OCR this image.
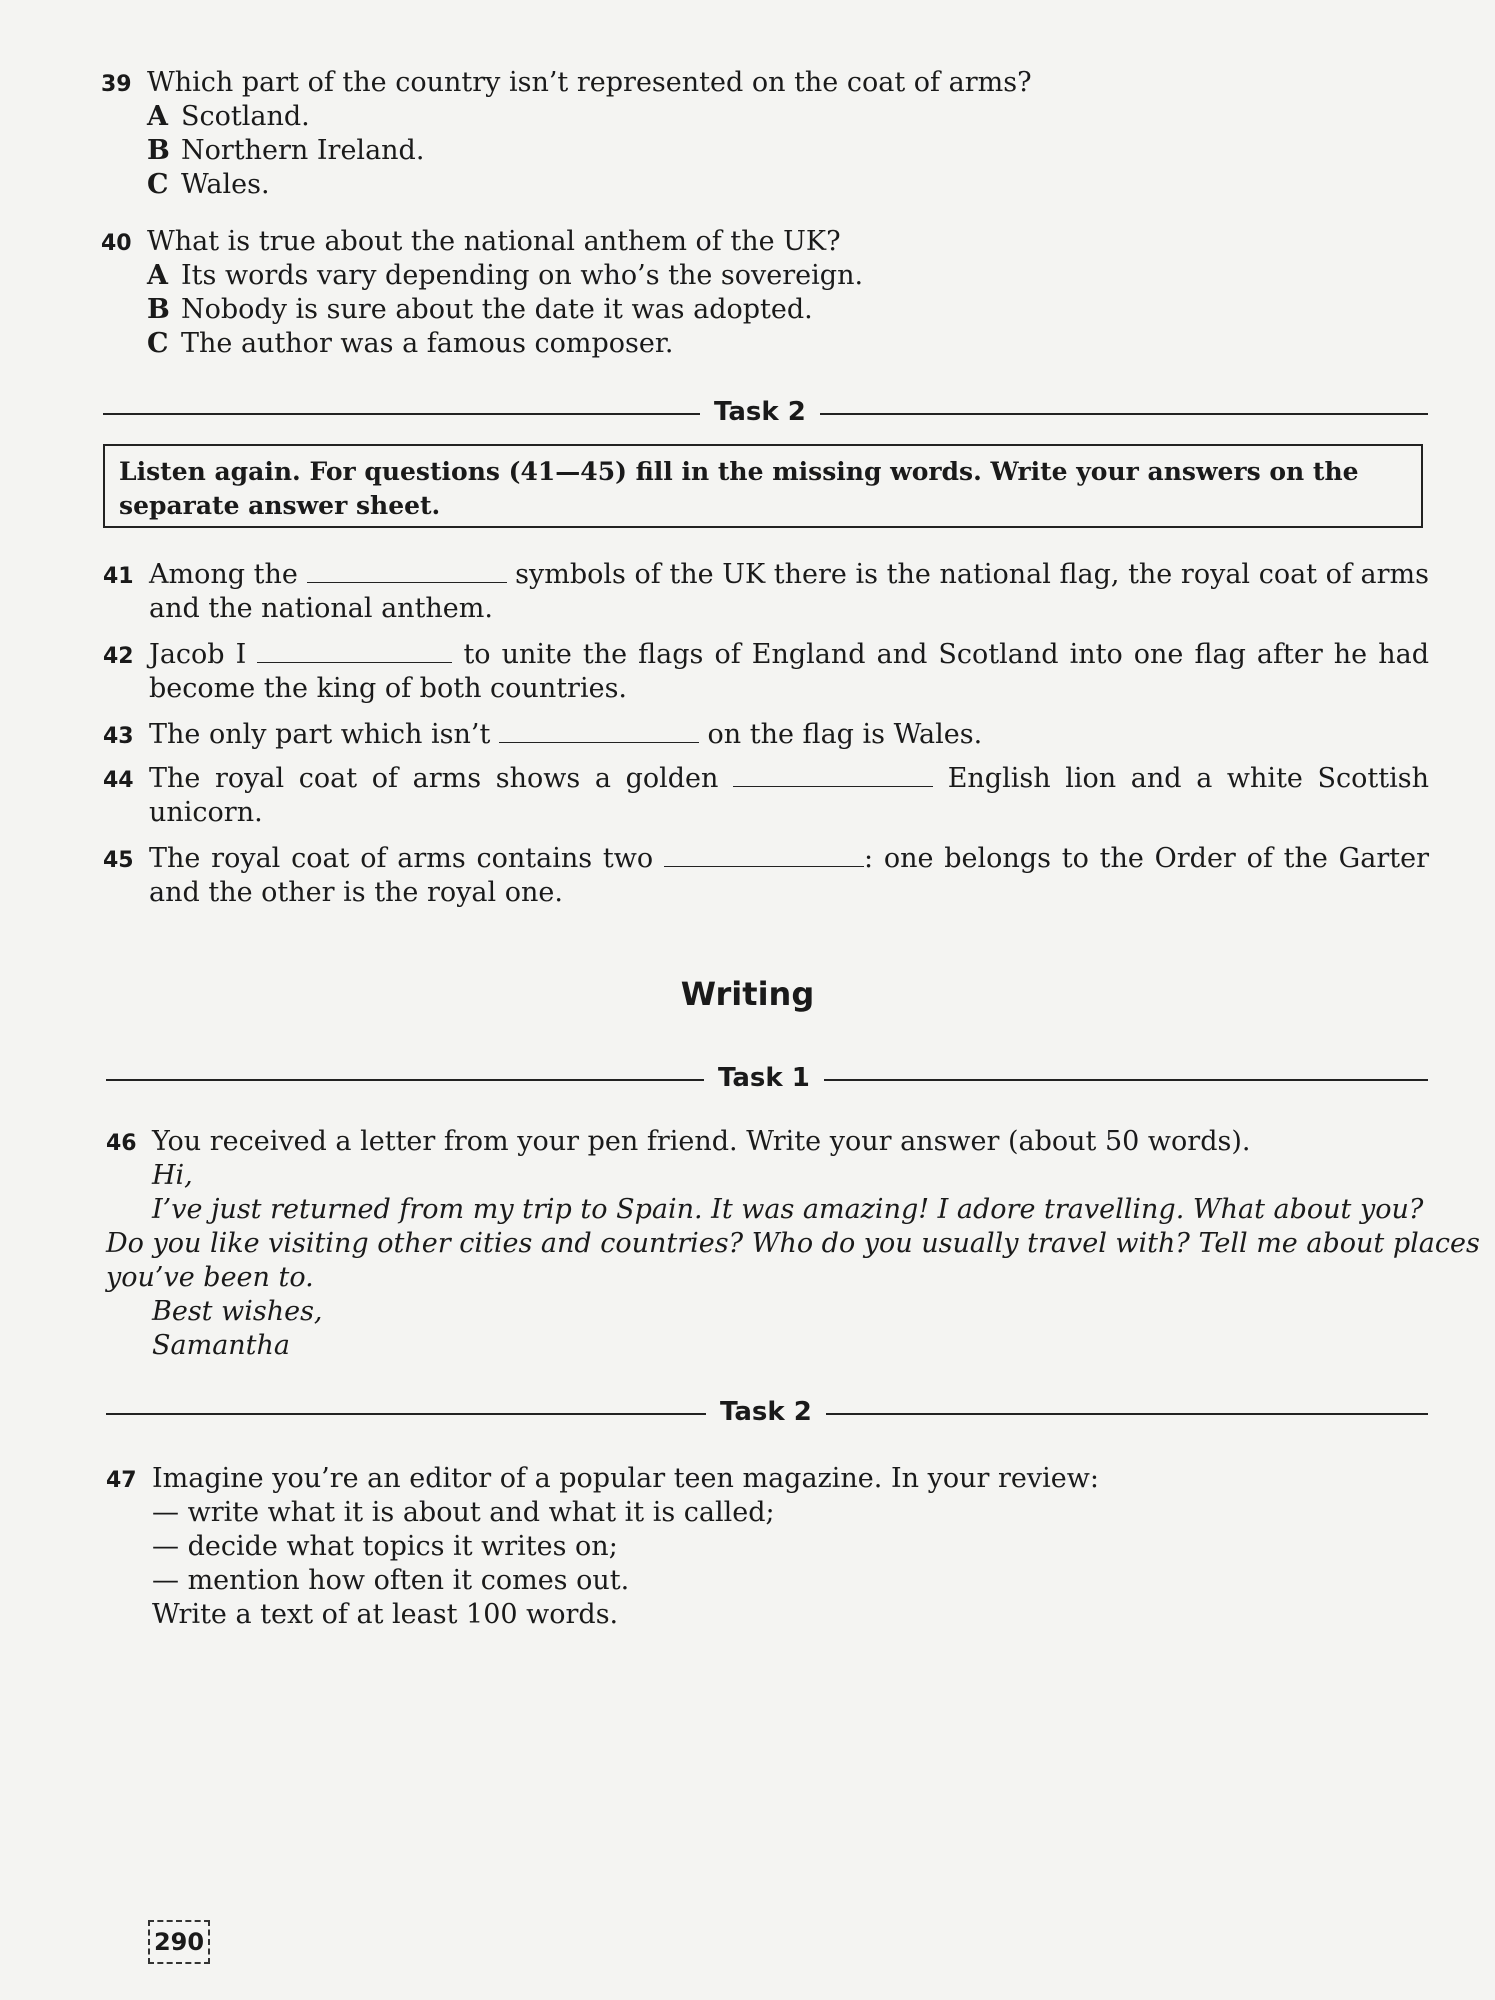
39 Which part of the country isn’t represented on the coat of arms?
A Scotland.
B Northern Ireland.
C Wales.
40 What is true about the national anthem of the UK?
A Its words vary depending on who’s the sovereign.
B Nobody is sure about the date it was adopted.
C The author was a famous composer.
Task 2
Listen again. For questions (41—45) fill in the missing words. Write your answers on the separate answer sheet.
41 Among the	symbols of the UK there is the national flag, the royal coat of arms and the national anthem.
42 Jacob I	to unite the flags of England and Scotland into one flag after he had become the king of both countries.
43 The only part which isn’t	on the flag is Wales.
44 The royal coat of arms shows a golden	English lion and a white Scottish unicorn.
45 The royal coat of arms contains two	: one belongs to the Order of the Garter and the other is the royal one.
Writing
Task 1
46 You received a letter from your pen friend. Write your answer (about 50 words).
Hi,
I’ve just returned from my trip to Spain. It was amazing! I adore travelling. What about you?
Do you like visiting other cities and countries? Who do you usually travel with? Tell me about places
you’ve been to.
Best wishes,
Samantha
Task 2
47 Imagine you’re an editor of a popular teen magazine. In your review:
— write what it is about and what it is called;
— decide what topics it writes on;
— mention how often it comes out.
Write a text of at least 100 words.
290
